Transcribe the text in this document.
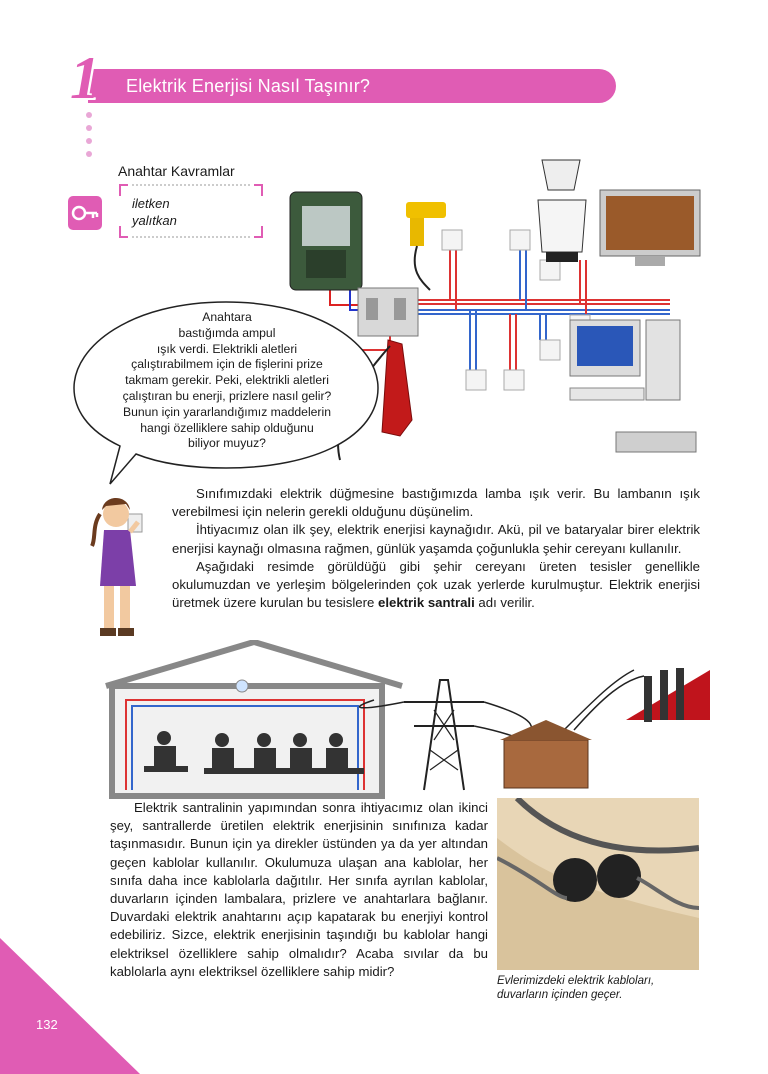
1 Elektrik Enerjisi Nasıl Taşınır?
Anahtar Kavramlar
iletken
yalıtkan
Anahtara
bastığımda ampul
ışık verdi. Elektrikli aletleri
çalıştırabilmem için de fişlerini prize
takmam gerekir. Peki, elektrikli aletleri
çalıştıran bu enerji, prizlere nasıl gelir?
Bunun için yararlandığımız maddelerin
hangi özelliklere sahip olduğunu
biliyor muyuz?
Sınıfımızdaki elektrik düğmesine bastığımızda lamba ışık verir. Bu lambanın ışık verebilmesi için nelerin gerekli olduğunu düşünelim.
İhtiyacımız olan ilk şey, elektrik enerjisi kaynağıdır. Akü, pil ve bataryalar birer elektrik enerjisi kaynağı olmasına rağmen, günlük yaşamda çoğunlukla şehir cereyanı kullanılır.
Aşağıdaki resimde görüldüğü gibi şehir cereyanı üreten tesisler genellikle okulumuzdan ve yerleşim bölgelerinden çok uzak yerlerde kurulmuştur. Elektrik enerjisi üretmek üzere kurulan bu tesislere elektrik santrali adı verilir.
Elektrik santralinin yapımından sonra ihtiyacımız olan ikinci şey, santrallerde üretilen elektrik enerjisinin sınıfınıza kadar taşınmasıdır. Bunun için ya direkler üstünden ya da yer altından geçen kablolar kullanılır. Okulumuza ulaşan ana kablolar, her sınıfa daha ince kablolarla dağıtılır. Her sınıfa ayrılan kablolar, duvarların içinden lambalara, prizlere ve anahtarlara bağlanır. Duvardaki elektrik anahtarını açıp kapatarak bu enerjiyi kontrol edebiliriz. Sizce, elektrik enerjisinin taşındığı bu kablolar hangi elektriksel özelliklere sahip olmalıdır? Acaba sıvılar da bu kablolarla aynı elektriksel özelliklere sahip midir?
Evlerimizdeki elektrik kabloları, duvarların içinden geçer.
132
